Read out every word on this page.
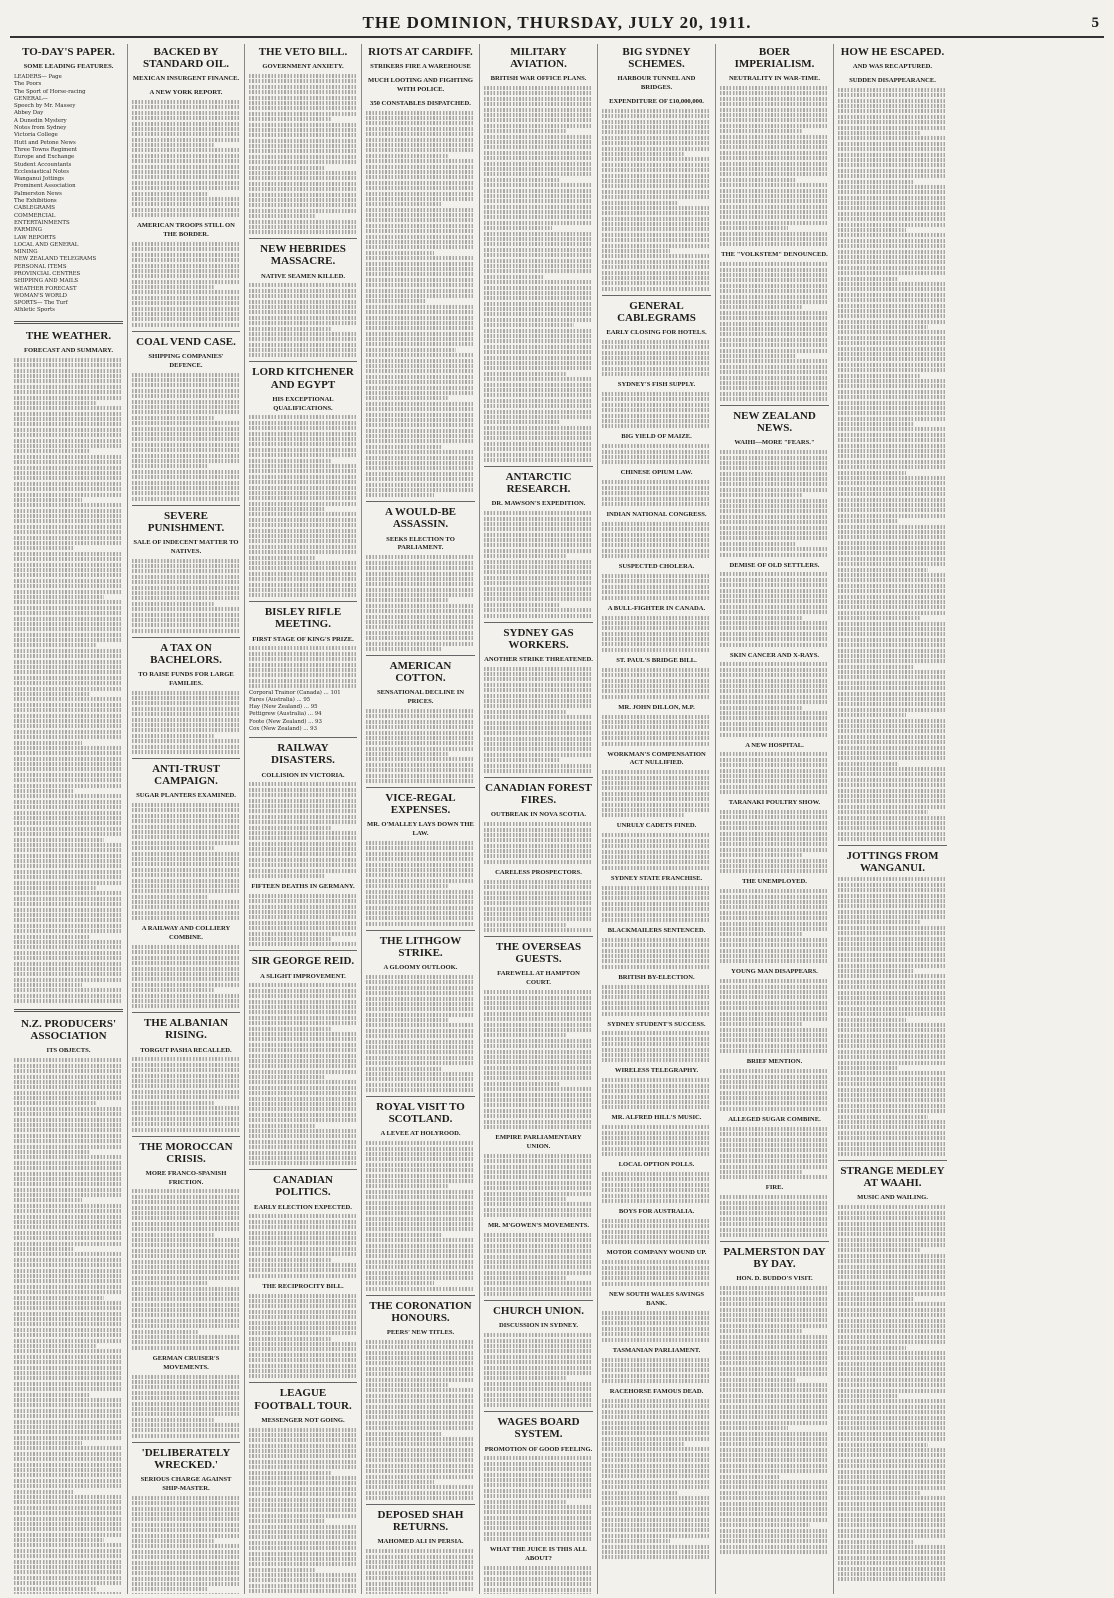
THE DOMINION, THURSDAY, JULY 20, 1911.	5
TO-DAY'S PAPER.
SOME LEADING FEATURES.
LEADERS— Page
The Poors
The Sport of Horse-racing
GENERAL—
Speech by Mr. Massey
Abbey Day
A Dunedin Mystery
Notes from Sydney
Victoria College
Hutt and Petone News
Three Towns Regiment
Europe and Exchange
Student Accountants
Ecclesiastical Notes
Wanganui Jottings
Prominent Association
Palmerston News
The Exhibitions
CABLEGRAMS
COMMERCIAL
ENTERTAINMENTS
FARMING
LAW REPORTS
LOCAL AND GENERAL
MINING
NEW ZEALAND TELEGRAMS
PERSONAL ITEMS
PROVINCIAL CENTRES
SHIPPING AND MAILS
WEATHER FORECAST
WOMAN'S WORLD
SPORTS— The Turf
Athletic Sports
THE WEATHER.
FORECAST AND SUMMARY.
N.Z. PRODUCERS' ASSOCIATION
ITS OBJECTS.
BACKED BY STANDARD OIL.
MEXICAN INSURGENT FINANCE.
A NEW YORK REPORT.
AMERICAN TROOPS STILL ON THE BORDER.
COAL VEND CASE.
SHIPPING COMPANIES' DEFENCE.
SEVERE PUNISHMENT.
SALE OF INDECENT MATTER TO NATIVES.
A TAX ON BACHELORS.
TO RAISE FUNDS FOR LARGE FAMILIES.
ANTI-TRUST CAMPAIGN.
SUGAR PLANTERS EXAMINED.
A RAILWAY AND COLLIERY COMBINE.
THE ALBANIAN RISING.
TORGUT PASHA RECALLED.
THE MOROCCAN CRISIS.
MORE FRANCO-SPANISH FRICTION.
GERMAN CRUISER'S MOVEMENTS.
'DELIBERATELY WRECKED.'
SERIOUS CHARGE AGAINST SHIP-MASTER.
THE VETO BILL.
GOVERNMENT ANXIETY.
NEW HEBRIDES MASSACRE.
NATIVE SEAMEN KILLED.
LORD KITCHENER AND EGYPT
HIS EXCEPTIONAL QUALIFICATIONS.
BISLEY RIFLE MEETING.
FIRST STAGE OF KING'S PRIZE.
Corporal Trainor (Canada) ... 101
Fares (Australia) ... 95
Hay (New Zealand) ... 95
Pettigrew (Australia) ... 94
Foote (New Zealand) ... 93
Cox (New Zealand) ... 93
RAILWAY DISASTERS.
COLLISION IN VICTORIA.
FIFTEEN DEATHS IN GERMANY.
SIR GEORGE REID.
A SLIGHT IMPROVEMENT.
CANADIAN POLITICS.
EARLY ELECTION EXPECTED.
THE RECIPROCITY BILL.
LEAGUE FOOTBALL TOUR.
MESSENGER NOT GOING.
RIOTS AT CARDIFF.
STRIKERS FIRE A WAREHOUSE
MUCH LOOTING AND FIGHTING WITH POLICE.
350 CONSTABLES DISPATCHED.
A WOULD-BE ASSASSIN.
SEEKS ELECTION TO PARLIAMENT.
AMERICAN COTTON.
SENSATIONAL DECLINE IN PRICES.
VICE-REGAL EXPENSES.
MR. O'MALLEY LAYS DOWN THE LAW.
THE LITHGOW STRIKE.
A GLOOMY OUTLOOK.
ROYAL VISIT TO SCOTLAND.
A LEVEE AT HOLYROOD.
THE CORONATION HONOURS.
PEERS' NEW TITLES.
DEPOSED SHAH RETURNS.
MAHOMED ALI IN PERSIA.
MILITARY AVIATION.
BRITISH WAR OFFICE PLANS.
ANTARCTIC RESEARCH.
DR. MAWSON'S EXPEDITION.
SYDNEY GAS WORKERS.
ANOTHER STRIKE THREATENED.
CANADIAN FOREST FIRES.
OUTBREAK IN NOVA SCOTIA.
CARELESS PROSPECTORS.
THE OVERSEAS GUESTS.
FAREWELL AT HAMPTON COURT.
EMPIRE PARLIAMENTARY UNION.
MR. M'GOWEN'S MOVEMENTS.
CHURCH UNION.
DISCUSSION IN SYDNEY.
WAGES BOARD SYSTEM.
PROMOTION OF GOOD FEELING.
WHAT THE JUICE IS THIS ALL ABOUT?
BIG SYDNEY SCHEMES.
HARBOUR TUNNEL AND BRIDGES.
EXPENDITURE OF £10,000,000.
GENERAL CABLEGRAMS
EARLY CLOSING FOR HOTELS.
SYDNEY'S FISH SUPPLY.
BIG YIELD OF MAIZE.
CHINESE OPIUM LAW.
INDIAN NATIONAL CONGRESS.
SUSPECTED CHOLERA.
A BULL-FIGHTER IN CANADA.
ST. PAUL'S BRIDGE BILL.
MR. JOHN DILLON, M.P.
WORKMAN'S COMPENSATION ACT NULLIFIED.
UNRULY CADETS FINED.
SYDNEY STATE FRANCHISE.
BLACKMAILERS SENTENCED.
BRITISH BY-ELECTION.
SYDNEY STUDENT'S SUCCESS.
WIRELESS TELEGRAPHY.
MR. ALFRED HILL'S MUSIC.
LOCAL OPTION POLLS.
BOYS FOR AUSTRALIA.
MOTOR COMPANY WOUND UP.
NEW SOUTH WALES SAVINGS BANK.
TASMANIAN PARLIAMENT.
RACEHORSE FAMOUS DEAD.
BOER IMPERIALISM.
NEUTRALITY IN WAR-TIME.
THE "VOLKSTEM" DENOUNCED.
NEW ZEALAND NEWS.
WAIHI—MORE "FEARS."
DEMISE OF OLD SETTLERS.
SKIN CANCER AND X-RAYS.
A NEW HOSPITAL.
TARANAKI POULTRY SHOW.
THE UNEMPLOYED.
YOUNG MAN DISAPPEARS.
BRIEF MENTION.
ALLEGED SUGAR COMBINE.
FIRE.
PALMERSTON DAY BY DAY.
HON. D. BUDDO'S VISIT.
HOW HE ESCAPED.
AND WAS RECAPTURED.
SUDDEN DISAPPEARANCE.
JOTTINGS FROM WANGANUI.
STRANGE MEDLEY AT WAAHI.
MUSIC AND WAILING.
